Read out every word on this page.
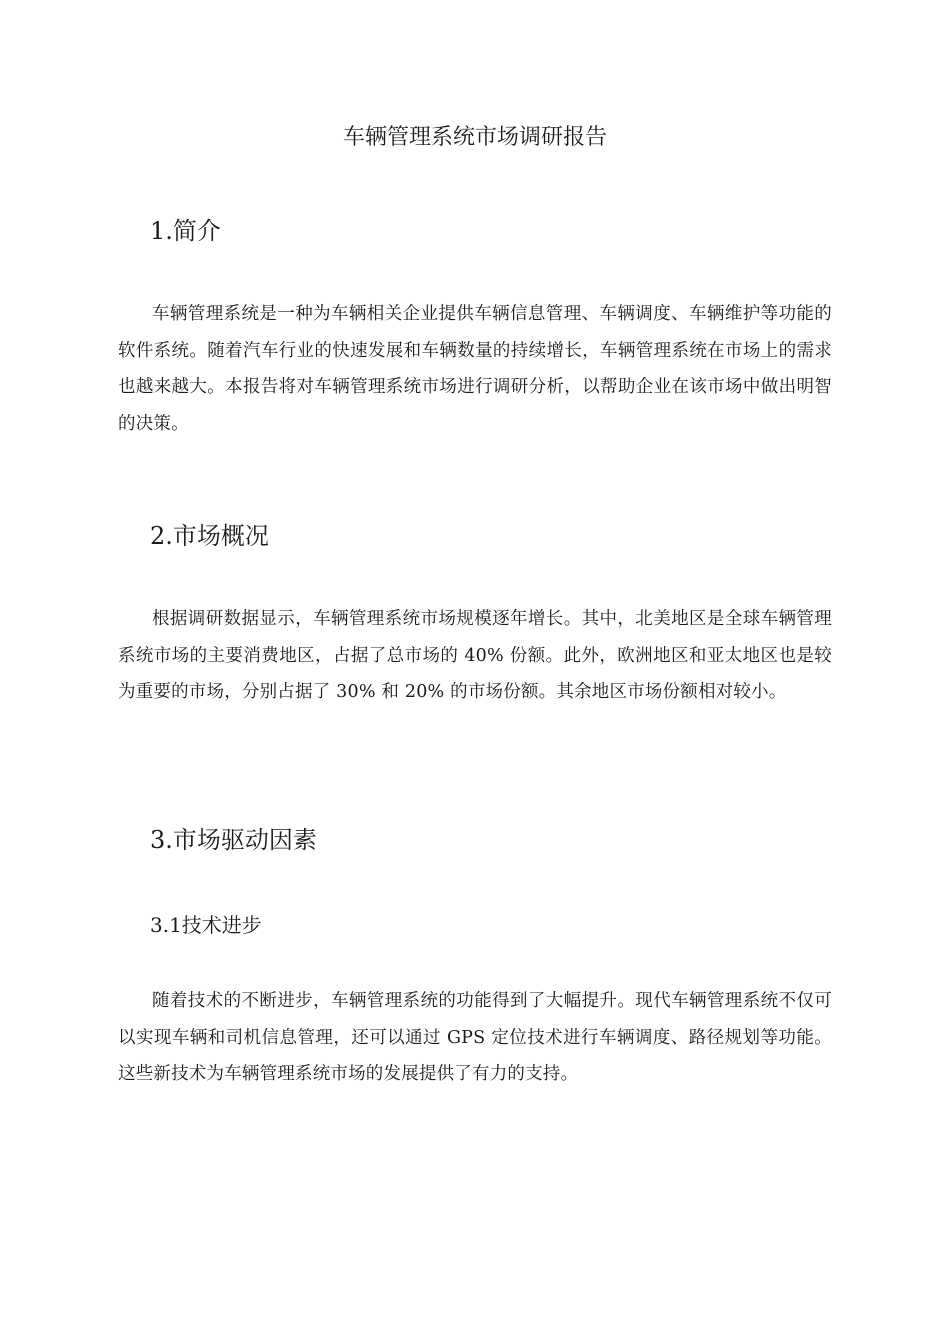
车辆管理系统市场调研报告
1.简介

车辆管理系统是一种为车辆相关企业提供车辆信息管理、车辆调度、车辆维护等功能的软件系统。随着汽车行业的快速发展和车辆数量的持续增长，车辆管理系统在市场上的需求也越来越大。本报告将对车辆管理系统市场进行调研分析，以帮助企业在该市场中做出明智的决策。

2.市场概况

根据调研数据显示，车辆管理系统市场规模逐年增长。其中，北美地区是全球车辆管理系统市场的主要消费地区，占据了总市场的 40% 份额。此外，欧洲地区和亚太地区也是较为重要的市场，分别占据了 30% 和 20% 的市场份额。其余地区市场份额相对较小。

3.市场驱动因素
3.1技术进步

随着技术的不断进步，车辆管理系统的功能得到了大幅提升。现代车辆管理系统不仅可以实现车辆和司机信息管理，还可以通过 GPS 定位技术进行车辆调度、路径规划等功能。这些新技术为车辆管理系统市场的发展提供了有力的支持。
